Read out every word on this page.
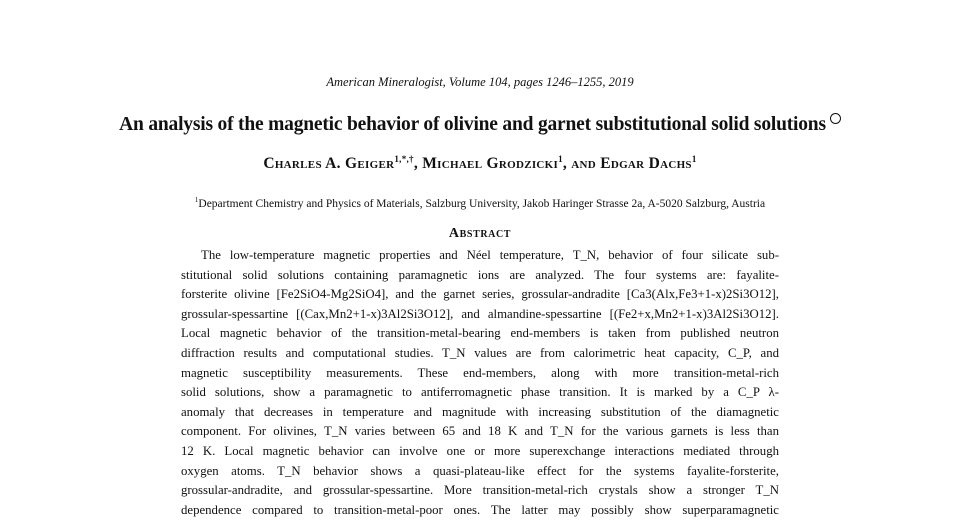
American Mineralogist, Volume 104, pages 1246–1255, 2019
An analysis of the magnetic behavior of olivine and garnet substitutional solid solutions
Charles A. Geiger$^{1,*,\dagger}$, Michael Grodzicki$^1$, and Edgar Dachs$^1$
$^1$Department Chemistry and Physics of Materials, Salzburg University, Jakob Haringer Strasse 2a, A-5020 Salzburg, Austria
Abstract
The low-temperature magnetic properties and Néel temperature, T_N, behavior of four silicate sub-
stitutional solid solutions containing paramagnetic ions are analyzed. The four systems are: fayalite-
forsterite olivine [Fe2SiO4-Mg2SiO4], and the garnet series, grossular-andradite [Ca3(Alx,Fe3+1-x)2Si3O12],
grossular-spessartine [(Cax,Mn2+1-x)3Al2Si3O12], and almandine-spessartine [(Fe2+x,Mn2+1-x)3Al2Si3O12].
Local magnetic behavior of the transition-metal-bearing end-members is taken from published neutron
diffraction results and computational studies. T_N values are from calorimetric heat capacity, C_P, and
magnetic susceptibility measurements. These end-members, along with more transition-metal-rich
solid solutions, show a paramagnetic to antiferromagnetic phase transition. It is marked by a C_P λ-
anomaly that decreases in temperature and magnitude with increasing substitution of the diamagnetic
component. For olivines, T_N varies between 65 and 18 K and T_N for the various garnets is less than
12 K. Local magnetic behavior can involve one or more superexchange interactions mediated through
oxygen atoms. T_N behavior shows a quasi-plateau-like effect for the systems fayalite-forsterite,
grossular-andradite, and grossular-spessartine. More transition-metal-rich crystals show a stronger T_N
dependence compared to transition-metal-poor ones. The latter may possibly show superparamagnetic
